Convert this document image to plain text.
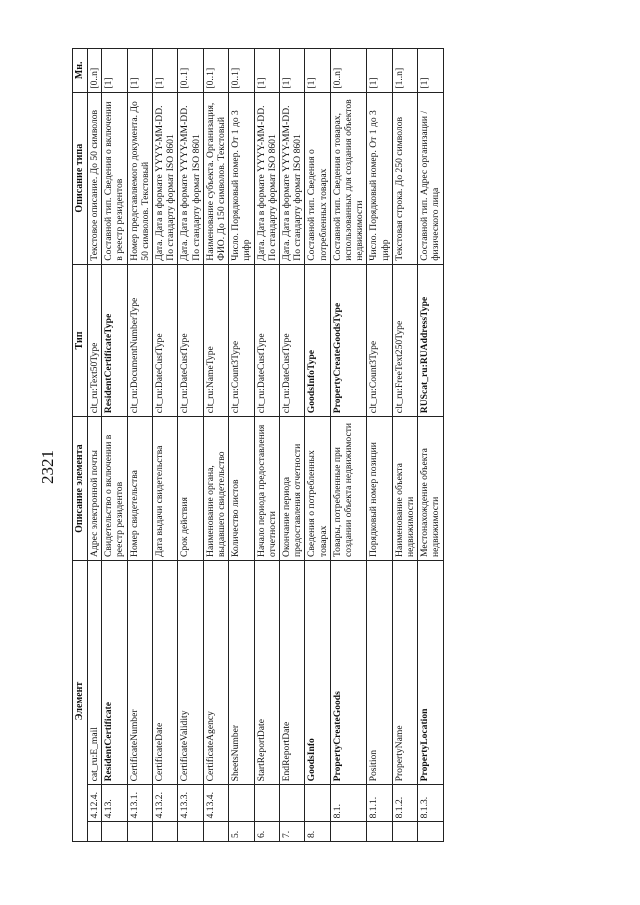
2321
Элемент			Описание элемента	Тип	Описание типа	Мн.
	4.12.4.	cat_ru:E_mail	Адрес электронной почты	clt_ru:Text50Type	Текстовое описание. До 50 символов	[0..n]
	4.13.	ResidentCertificate	Свидетельство о включении в реестр резидентов	ResidentCertificateType	Составной тип. Сведения о включении в реестр резидентов	[1]
	4.13.1.	CertificateNumber	Номер свидетельства	clt_ru:DocumentNumberType	Номер представляемого документа. До 50 символов. Текстовый	[1]
	4.13.2.	CertificateDate	Дата выдачи свидетельства	clt_ru:DateCustType	Дата. Дата в формате YYYY-MM-DD. По стандарту формат ISO 8601	[1]
	4.13.3.	CertificateValidity	Срок действия	clt_ru:DateCustType	Дата. Дата в формате YYYY-MM-DD. По стандарту формат ISO 8601	[0..1]
	4.13.4.	CertificateAgency	Наименование органа, выдавшего свидетельство	clt_ru:NameType	Наименование субъекта. Организация, ФИО. До 150 символов. Текстовый	[0..1]
5.		SheetsNumber	Количество листов	clt_ru:Count3Type	Число. Порядковый номер. От 1 до 3 цифр	[0..1]
6.		StartReportDate	Начало периода предоставления отчетности	clt_ru:DateCustType	Дата. Дата в формате YYYY-MM-DD. По стандарту формат ISO 8601	[1]
7.		EndReportDate	Окончание периода предоставления отчетности	clt_ru:DateCustType	Дата. Дата в формате YYYY-MM-DD. По стандарту формат ISO 8601	[1]
8.		GoodsInfo	Сведения о потребленных товарах	GoodsInfoType	Составной тип. Сведения о потребленных товарах	[1]
	8.1.	PropertyCreateGoods	Товары, потребленные при создании объекта недвижимости	PropertyCreateGoodsType	Составной тип. Сведения о товарах, использованных для создания объектов недвижимости	[0..n]
	8.1.1.	Position	Порядковый номер позиции	clt_ru:Count3Type	Число. Порядковый номер. От 1 до 3 цифр	[1]
	8.1.2.	PropertyName	Наименование объекта недвижимости	clt_ru:FreeText250Type	Текстовая строка. До 250 символов	[1..n]
	8.1.3.	PropertyLocation	Местонахождение объекта недвижимости	RUScat_ru:RUAddressType	Составной тип. Адрес организации / физического лица	[1]
